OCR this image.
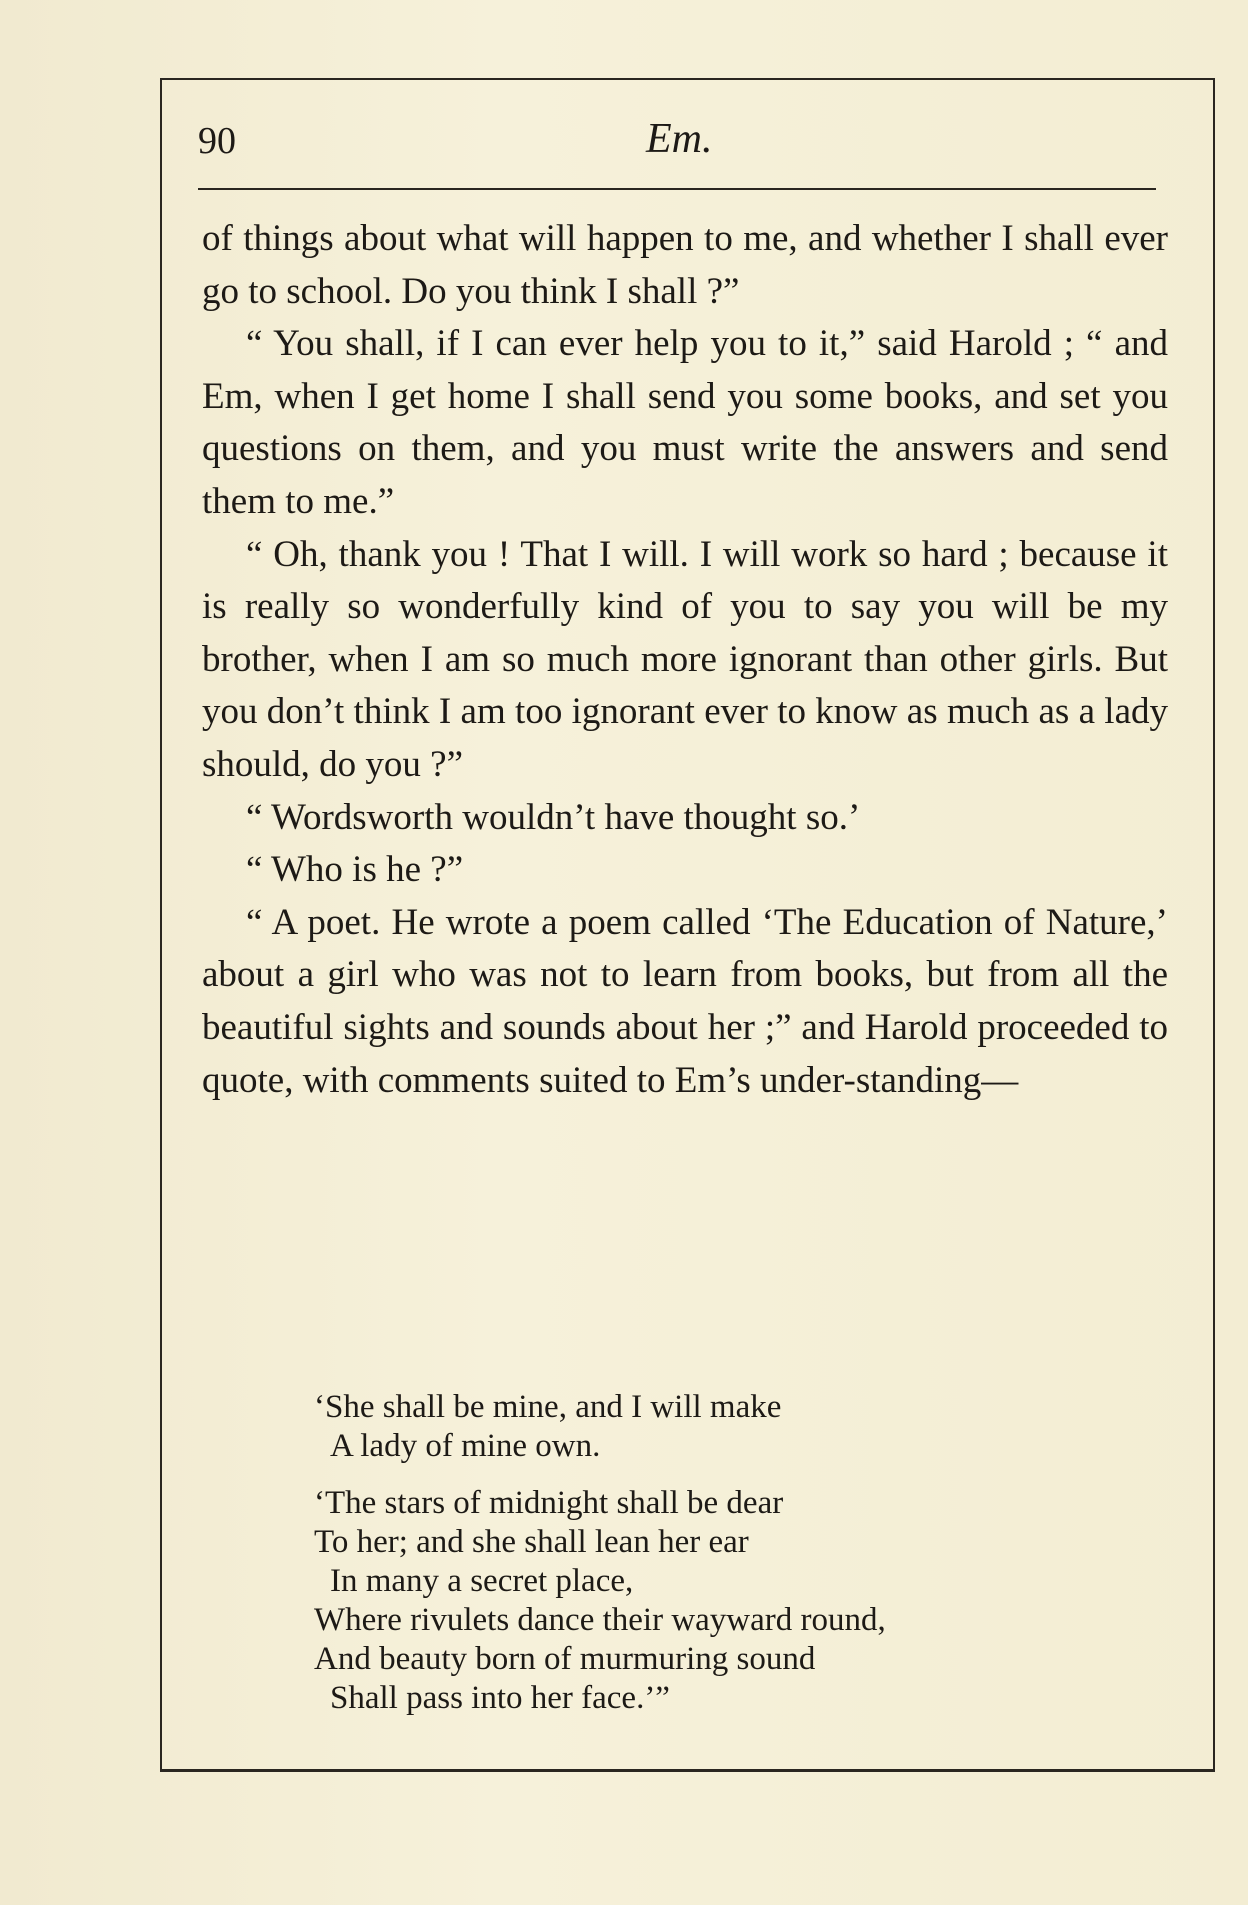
90	Em.

of things about what will happen to me, and whether I shall ever go to school. Do you think I shall ?”

“ You shall, if I can ever help you to it,” said Harold ; “ and Em, when I get home I shall send you some books, and set you questions on them, and you must write the answers and send them to me.”

“ Oh, thank you ! That I will. I will work so hard ; because it is really so wonderfully kind of you to say you will be my brother, when I am so much more ignorant than other girls. But you don’t think I am too ignorant ever to know as much as a lady should, do you ?”

“ Wordsworth wouldn’t have thought so.’

“ Who is he ?”

“ A poet. He wrote a poem called ‘The Education of Nature,’ about a girl who was not to learn from books, but from all the beautiful sights and sounds about her ;” and Harold proceeded to quote, with comments suited to Em’s under-standing—

‘She shall be mine, and I will make
A lady of mine own.
‘The stars of midnight shall be dear
To her; and she shall lean her ear
In many a secret place,
Where rivulets dance their wayward round,
And beauty born of murmuring sound
Shall pass into her face.’”
